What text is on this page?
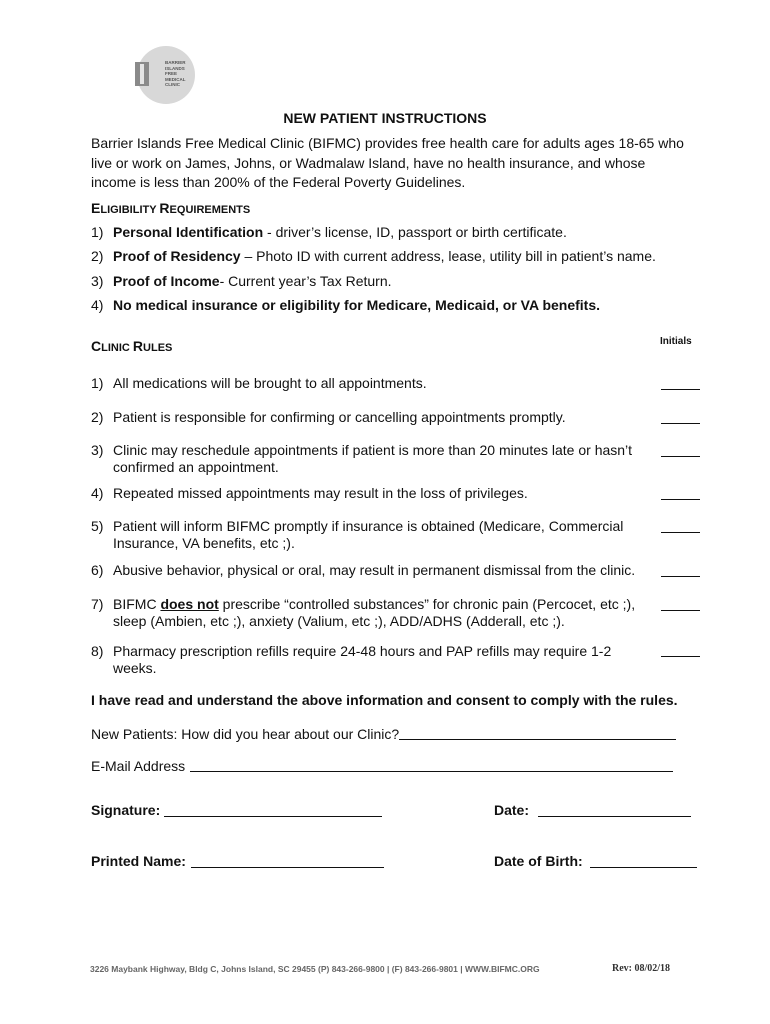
BARRIER
ISLANDS
FREE
MEDICAL
CLINIC
NEW PATIENT INSTRUCTIONS
Barrier Islands Free Medical Clinic (BIFMC) provides free health care for adults ages 18-65 who live or work on James, Johns, or Wadmalaw Island, have no health insurance, and whose income is less than 200% of the Federal Poverty Guidelines.
ELIGIBILITY REQUIREMENTS
1) Personal Identification - driver’s license, ID, passport or birth certificate.
2) Proof of Residency – Photo ID with current address, lease, utility bill in patient’s name.
3) Proof of Income- Current year’s Tax Return.
4) No medical insurance or eligibility for Medicare, Medicaid, or VA benefits.
CLINIC RULES
Initials
1) All medications will be brought to all appointments.
2) Patient is responsible for confirming or cancelling appointments promptly.
3) Clinic may reschedule appointments if patient is more than 20 minutes late or hasn’t confirmed an appointment.
4) Repeated missed appointments may result in the loss of privileges.
5) Patient will inform BIFMC promptly if insurance is obtained (Medicare, Commercial Insurance, VA benefits, etc ;).
6) Abusive behavior, physical or oral, may result in permanent dismissal from the clinic.
7) BIFMC does not prescribe “controlled substances” for chronic pain (Percocet, etc ;), sleep (Ambien, etc ;), anxiety (Valium, etc ;), ADD/ADHS (Adderall, etc ;).
8) Pharmacy prescription refills require 24-48 hours and PAP refills may require 1-2 weeks.
I have read and understand the above information and consent to comply with the rules.
New Patients: How did you hear about our Clinic?
E-Mail Address
Signature:	Date:
Printed Name:	Date of Birth:
3226 Maybank Highway, Bldg C, Johns Island, SC 29455 (P) 843-266-9800 | (F) 843-266-9801 | WWW.BIFMC.ORG	Rev: 08/02/18
